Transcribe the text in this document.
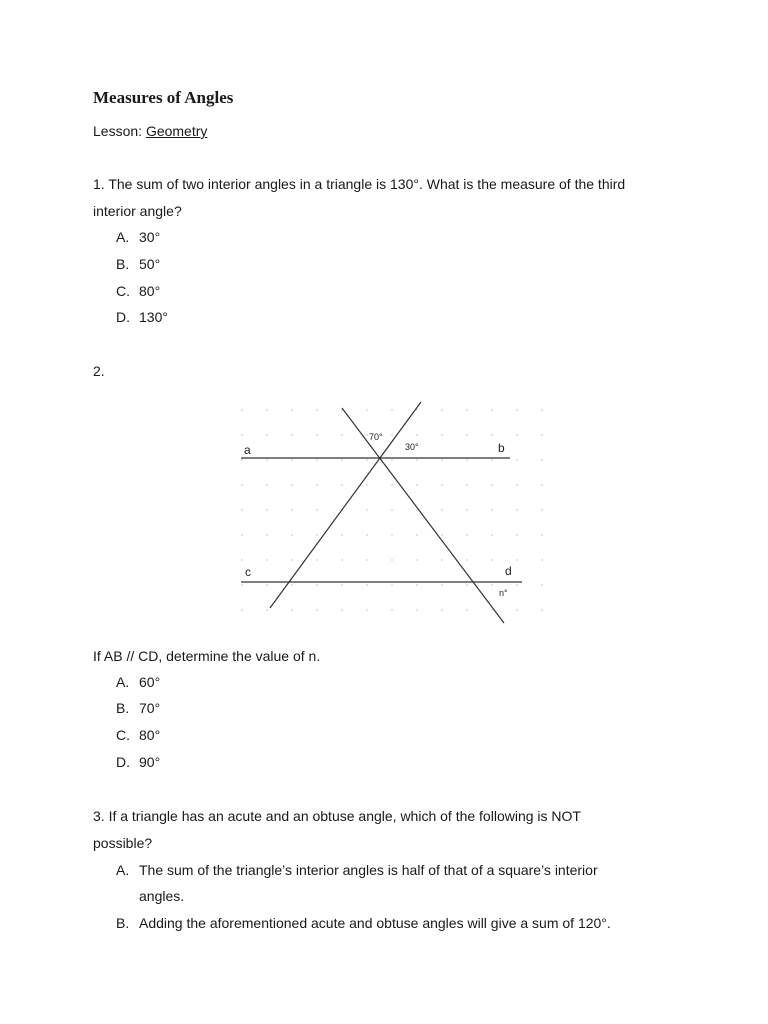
Measures of Angles
Lesson: Geometry
1. The sum of two interior angles in a triangle is 130°. What is the measure of the third
interior angle?
A. 30°
B. 50°
C. 80°
D. 130°
2.
a	b
c	d
70°
30°
n°
If AB // CD, determine the value of n.
A. 60°
B. 70°
C. 80°
D. 90°
3. If a triangle has an acute and an obtuse angle, which of the following is NOT
possible?
A. The sum of the triangle’s interior angles is half of that of a square’s interior
angles.
B. Adding the aforementioned acute and obtuse angles will give a sum of 120°.
